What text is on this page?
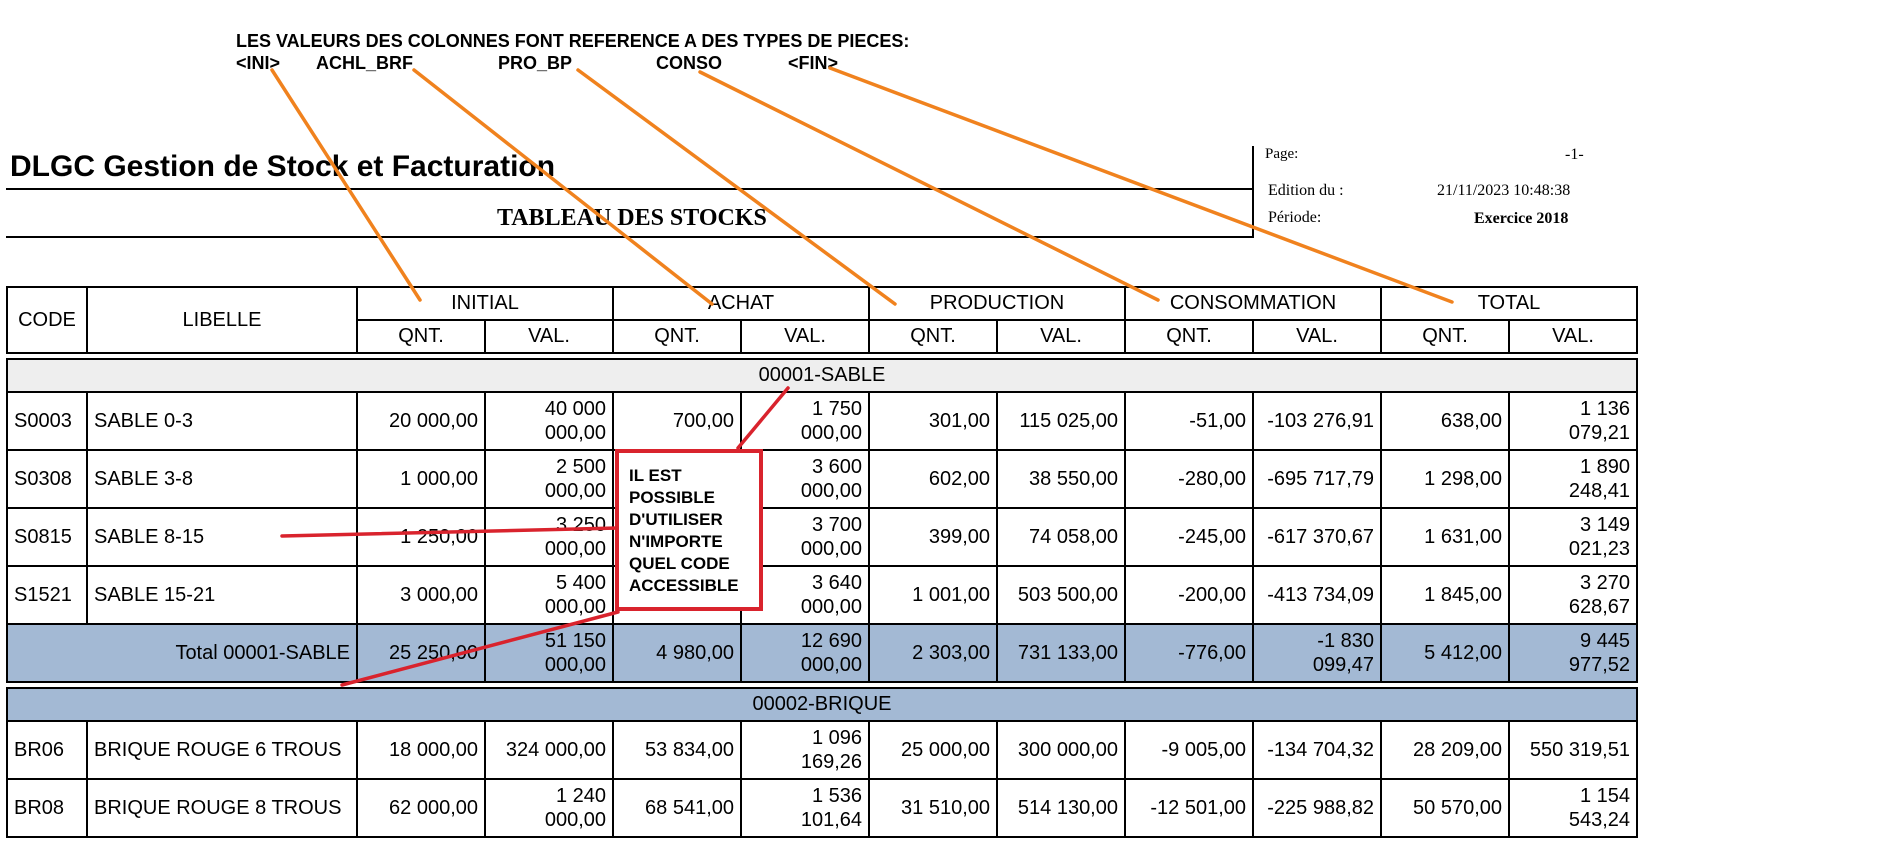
LES VALEURS DES COLONNES FONT REFERENCE A DES TYPES DE PIECES:
<INI> ACHL_BRF	PRO_BP	CONSO	<FIN>
DLGC Gestion de Stock et Facturation
TABLEAU DES STOCKS
Page:	-1-
Edition du :	21/11/2023 10:48:38
Période:	Exercice 2018
CODE	LIBELLE	INITIAL		ACHAT		PRODUCTION		CONSOMMATION		TOTAL	
		QNT.	VAL.	QNT.	VAL.	QNT.	VAL.	QNT.	VAL.	QNT.	VAL.

00001-SABLE											
S0003	SABLE 0-3	20 000,00	40 000
000,00	700,00	1 750
000,00	301,00	115 025,00	-51,00	-103 276,91	638,00	1 136
079,21
S0308	SABLE 3-8	1 000,00	2 500
000,00		3 600
000,00	602,00	38 550,00	-280,00	-695 717,79	1 298,00	1 890
248,41
S0815	SABLE 8-15	1 250,00	3 250
000,00		3 700
000,00	399,00	74 058,00	-245,00	-617 370,67	1 631,00	3 149
021,23
S1521	SABLE 15-21	3 000,00	5 400
000,00		3 640
000,00	1 001,00	503 500,00	-200,00	-413 734,09	1 845,00	3 270
628,67
Total 00001-SABLE		25 250,00	51 150
000,00	4 980,00	12 690
000,00	2 303,00	731 133,00	-776,00	-1 830
099,47	5 412,00	9 445
977,52

00002-BRIQUE											
BR06	BRIQUE ROUGE 6 TROUS	18 000,00	324 000,00	53 834,00	1 096
169,26	25 000,00	300 000,00	-9 005,00	-134 704,32	28 209,00	550 319,51
BR08	BRIQUE ROUGE 8 TROUS	62 000,00	1 240
000,00	68 541,00	1 536
101,64	31 510,00	514 130,00	-12 501,00	-225 988,82	50 570,00	1 154
543,24
IL EST
POSSIBLE
D'UTILISER
N'IMPORTE
QUEL CODE
ACCESSIBLE
